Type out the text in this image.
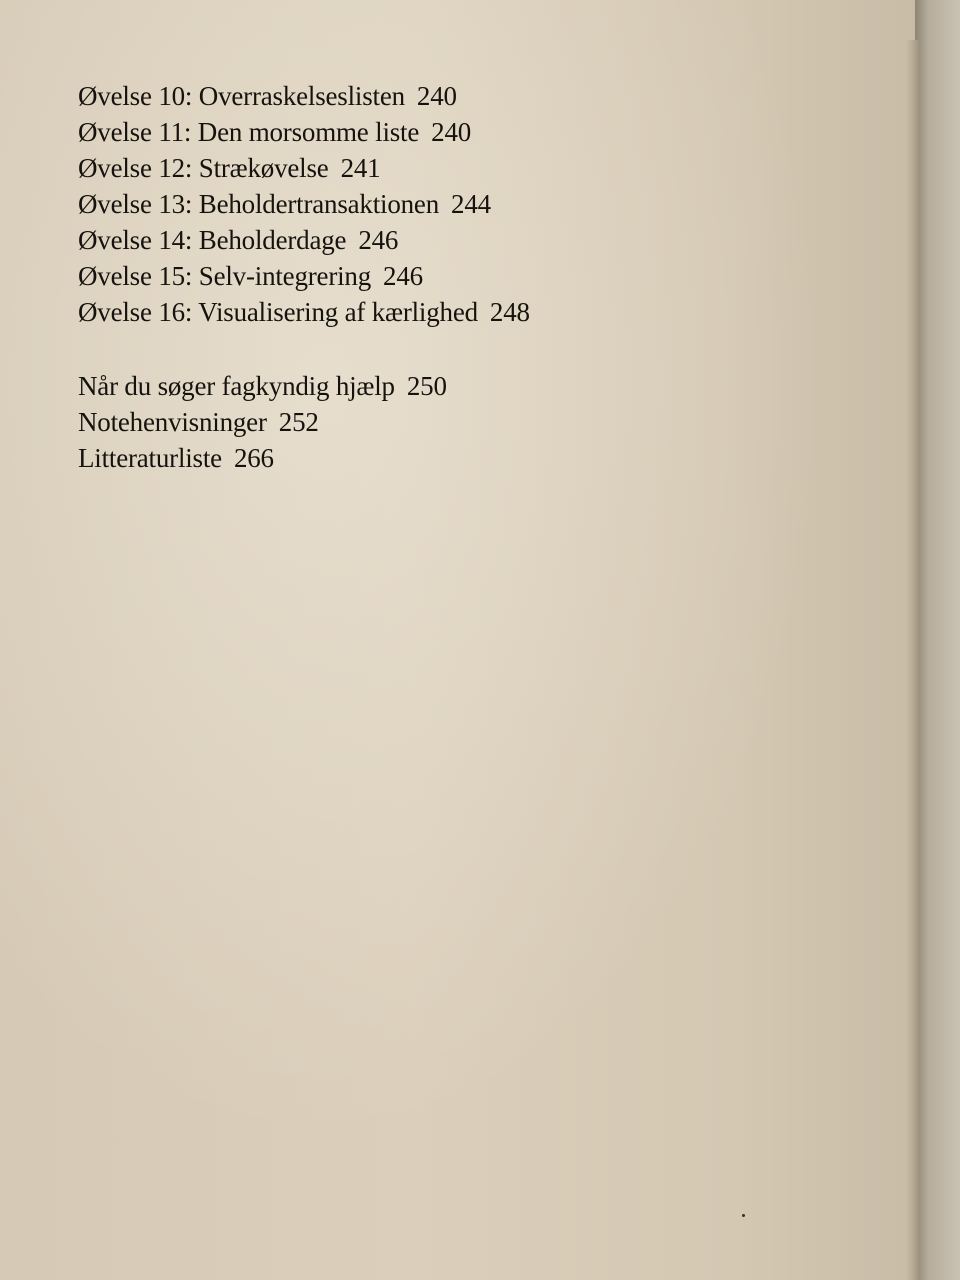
Øvelse 10: Overraskelseslisten 240
Øvelse 11: Den morsomme liste 240
Øvelse 12: Strækøvelse 241
Øvelse 13: Beholdertransaktionen 244
Øvelse 14: Beholderdage 246
Øvelse 15: Selv-integrering 246
Øvelse 16: Visualisering af kærlighed 248
Når du søger fagkyndig hjælp 250
Notehenvisninger 252
Litteraturliste 266
